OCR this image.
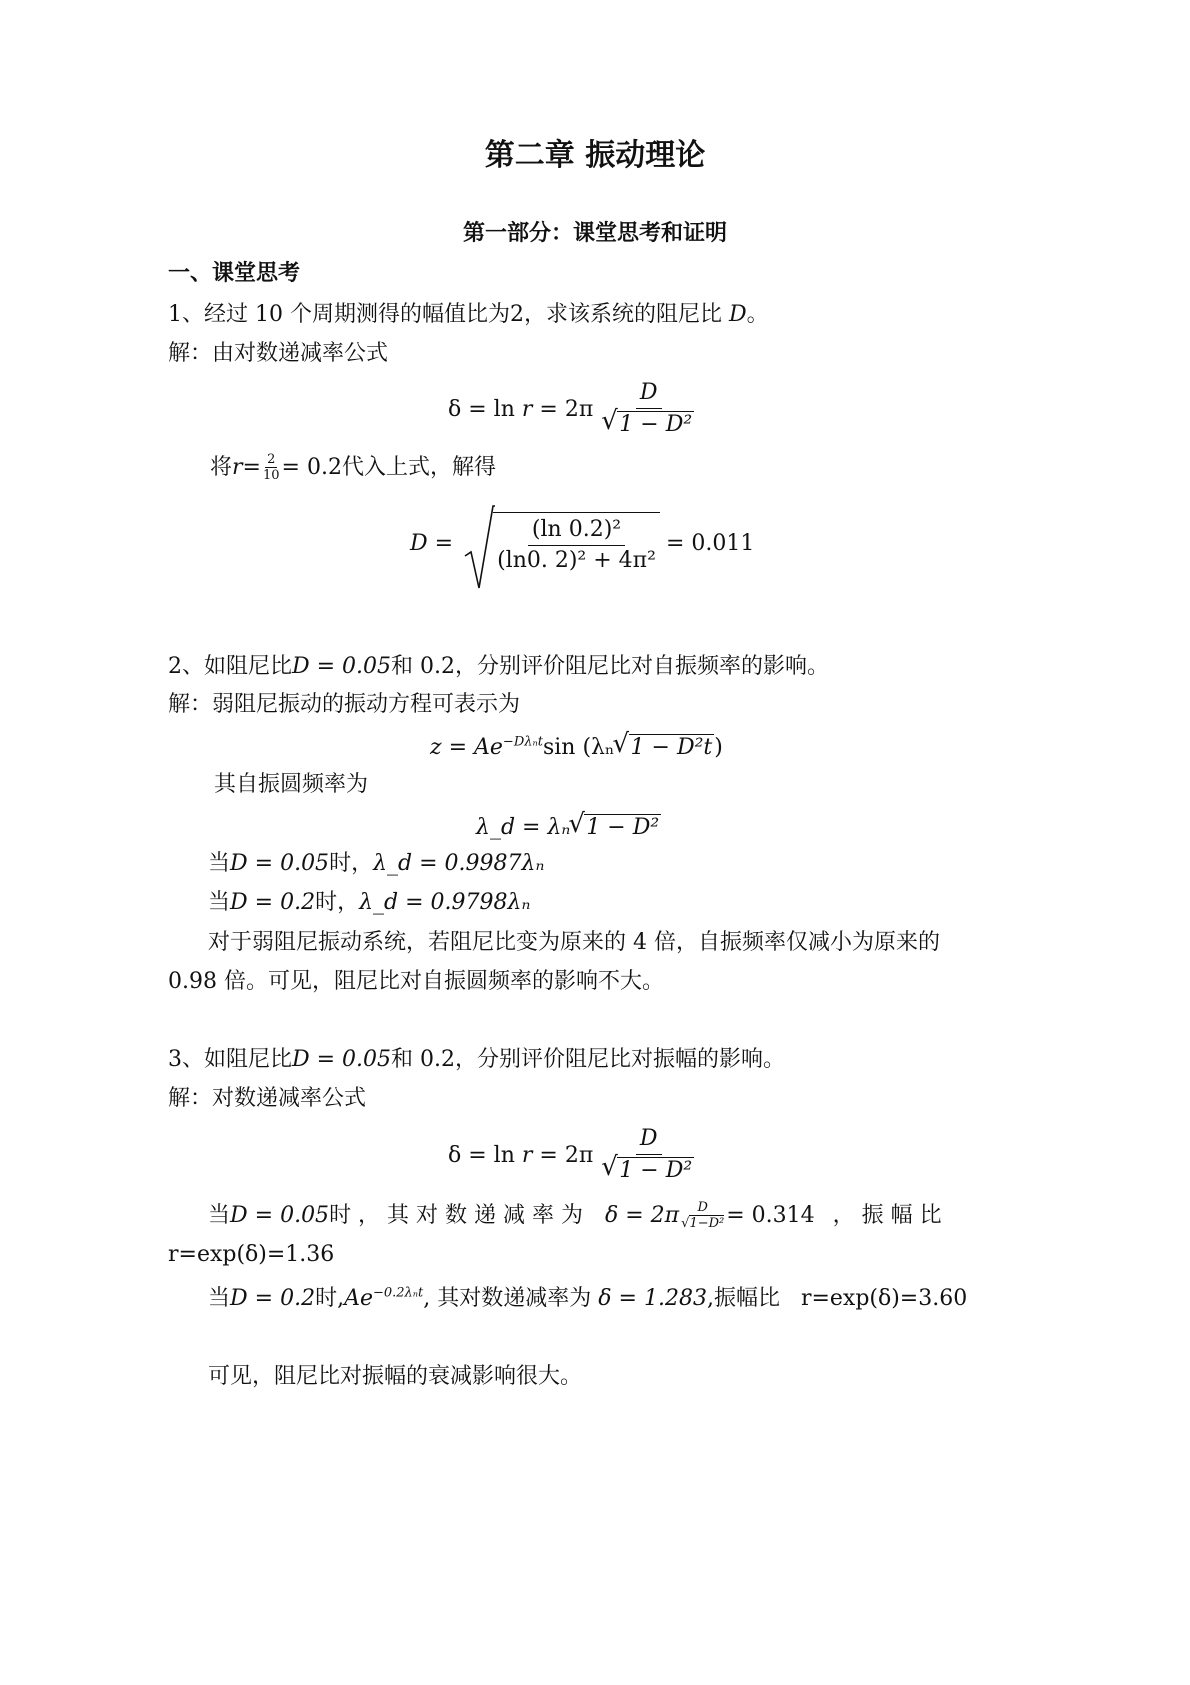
第二章 振动理论
第一部分：课堂思考和证明
一、课堂思考
1、经过 10 个周期测得的幅值比为2，求该系统的阻尼比 D。
解：由对数递减率公式
δ = ln
r
= 2π D
√ 1 − D²
将 $r = \frac{2}{10} = 0.2$代入上式，解得
$D = \frac{\text{(ln 0.2)²}}{\text{(ln0. 2)² + 4π²}} = 0.011$
2、如阻尼比D = 0.05和 0.2，分别评价阻尼比对自振频率的影响。
解：弱阻尼振动的振动方程可表示为
$z = Ae^{-D\lambda_nt}\sin$ (λₙ √ 1 − D²t)
其自振圆频率为
λ_d = λₙ √ 1 − D²
当D = 0.05时，λ_d = 0.9987λₙ
当D = 0.2时，λ_d = 0.9798λₙ
对于弱阻尼振动系统，若阻尼比变为原来的 4 倍，自振频率仅减小为原来的
0.98 倍。可见，阻尼比对自振圆频率的影响不大。
3、如阻尼比D = 0.05和 0.2，分别评价阻尼比对振幅的影响。
解：对数递减率公式
δ = ln
r
= 2π D
√ 1 − D²
当 D = 0.05 时 ， 其 对 数 递 减 率 为 $\delta = 2\pi \frac{D}{\text{√1−D²}} = 0.314$ ， 振 幅 比
r=exp(δ)=1.36
当D = 0.2时$,Ae^{-0.2\lambda_nt}$, 其对数递减率为 δ = 1.283,振幅比 r=exp(δ)=3.60
可见，阻尼比对振幅的衰减影响很大。
